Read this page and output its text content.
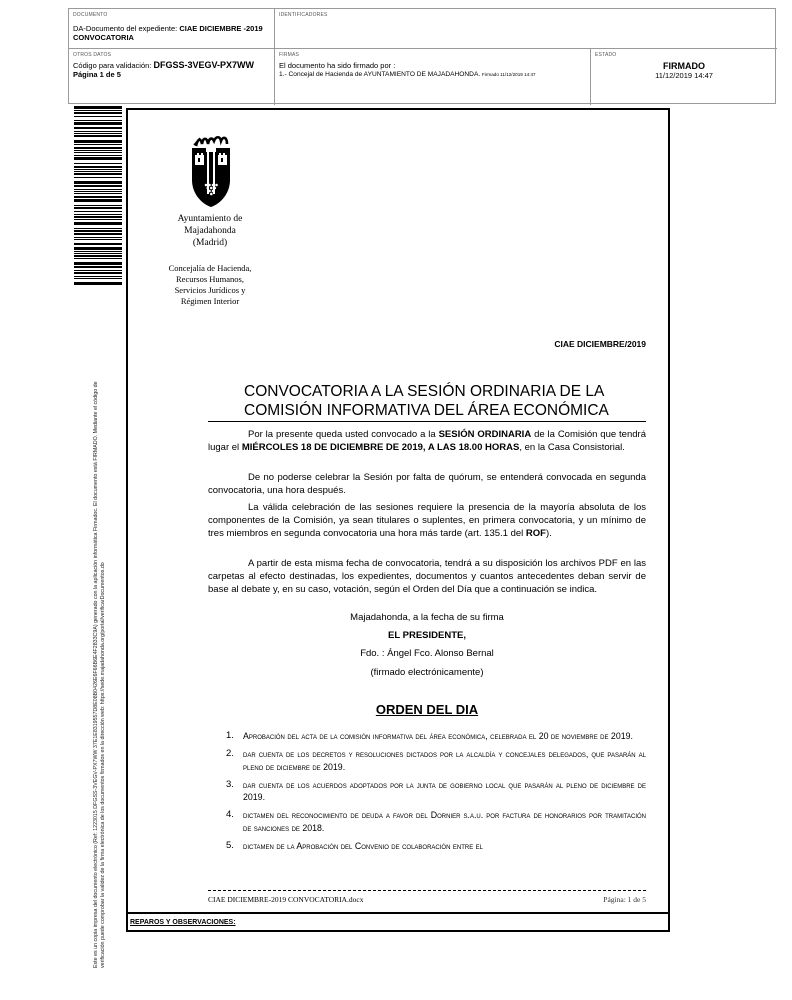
DOCUMENTO
DA-Documento del expediente: CIAE DICIEMBRE -2019 CONVOCATORIA
IDENTIFICADORES
OTROS DATOS
Código para validación: DFGSS-3VEGV-PX7WW
Página 1 de 5
FIRMAS
El documento ha sido firmado por :
1.- Concejal de Hacienda de AYUNTAMIENTO DE MAJADAHONDA. Firmado 11/12/2019 14:47
ESTADO
FIRMADO
11/12/2019 14:47
Este es un copia impresa del documento electrónico (Ref: 1223015 DFGSS-3VEGV-PX7WW 37E1E8319557D8E08B0426E6F66B6E4F2833C9A) generado con la aplicación informática Firmadoc. El documento está FIRMADO. Mediante el código de verificación puede comprobar la validez de la firma electrónica de los documentos firmados en la dirección web: https://sede.majadahonda.org/portal/verificarDocumentos.do
Ayuntamiento de
Majadahonda
(Madrid)
Concejalía de Hacienda,
Recursos Humanos,
Servicios Jurídicos y
Régimen Interior
CIAE DICIEMBRE/2019
CONVOCATORIA A LA SESIÓN ORDINARIA DE LA
COMISIÓN INFORMATIVA DEL ÁREA ECONÓMICA

Por la presente queda usted convocado a la SESIÓN ORDINARIA de la Comisión que tendrá lugar el MIÉRCOLES 18 DE DICIEMBRE DE 2019, A LAS 18.00 HORAS, en la Casa Consistorial.

De no poderse celebrar la Sesión por falta de quórum, se entenderá convocada en segunda convocatoria, una hora después.

La válida celebración de las sesiones requiere la presencia de la mayoría absoluta de los componentes de la Comisión, ya sean titulares o suplentes, en primera convocatoria, y un mínimo de tres miembros en segunda convocatoria una hora más tarde (art. 135.1 del ROF).

A partir de esta misma fecha de convocatoria, tendrá a su disposición los archivos PDF en las carpetas al efecto destinadas, los expedientes, documentos y cuantos antecedentes deban servir de base al debate y, en su caso, votación, según el Orden del Día que a continuación se indica.

Majadahonda, a la fecha de su firma
EL PRESIDENTE,
Fdo. : Ángel Fco. Alonso Bernal
(firmado electrónicamente)
ORDEN DEL DIA
1. Aprobación del acta de la comisión informativa del área económica, celebrada el 20 de noviembre de 2019.
2. dar cuenta de los decretos y resoluciones dictados por la alcaldía y concejales delegados, que pasarán al pleno de diciembre de 2019.
3. dar cuenta de los acuerdos adoptados por la junta de gobierno local que pasarán al pleno de diciembre de 2019.
4. dictamen del reconocimiento de deuda a favor del Dornier s.a.u. por factura de honorarios por tramitación de sanciones de 2018.
5. dictamen de la Aprobación del Convenio de colaboración entre el
CIAE DICIEMBRE-2019 CONVOCATORIA.docx	Página: 1 de 5
REPAROS Y OBSERVACIONES:
